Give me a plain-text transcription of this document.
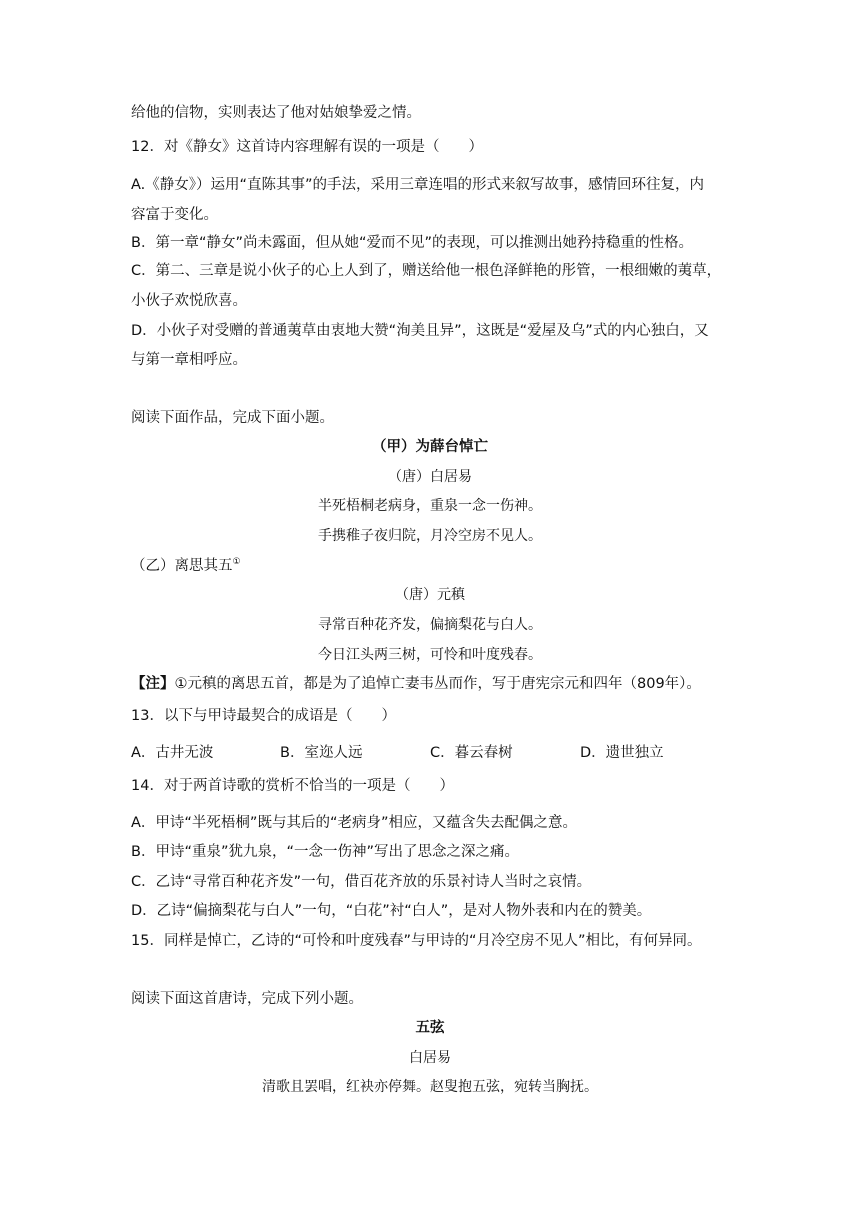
给他的信物，实则表达了他对姑娘挚爱之情。
12．对《静女》这首诗内容理解有误的一项是（　　）
A.《静女》）运用“直陈其事”的手法，采用三章连唱的形式来叙写故事，感情回环往复，内
容富于变化。
B．第一章“静女”尚未露面，但从她“爱而不见”的表现，可以推测出她矜持稳重的性格。
C．第二、三章是说小伙子的心上人到了，赠送给他一根色泽鲜艳的彤管，一根细嫩的荑草，
小伙子欢悦欣喜。
D．小伙子对受赠的普通荑草由衷地大赞“洵美且异”，这既是“爱屋及乌”式的内心独白，又
与第一章相呼应。
阅读下面作品，完成下面小题。
（甲）为薛台悼亡
（唐）白居易
半死梧桐老病身，重泉一念一伤神。
手携稚子夜归院，月冷空房不见人。
（乙）离思其五①
（唐）元稹
寻常百种花齐发，偏摘梨花与白人。
今日江头两三树，可怜和叶度残春。
【注】①元稹的离思五首，都是为了追悼亡妻韦丛而作，写于唐宪宗元和四年（809年）。
13．以下与甲诗最契合的成语是（　　）
A．古井无波	B．室迩人远	C．暮云春树	D．遗世独立
14．对于两首诗歌的赏析不恰当的一项是（　　）
A．甲诗“半死梧桐”既与其后的“老病身”相应，又蕴含失去配偶之意。
B．甲诗“重泉”犹九泉，“一念一伤神”写出了思念之深之痛。
C．乙诗“寻常百种花齐发”一句，借百花齐放的乐景衬诗人当时之哀情。
D．乙诗“偏摘梨花与白人”一句，“白花”衬“白人”，是对人物外表和内在的赞美。
15．同样是悼亡，乙诗的“可怜和叶度残春”与甲诗的“月冷空房不见人”相比，有何异同。
阅读下面这首唐诗，完成下列小题。
五弦
白居易
清歌且罢唱，红袂亦停舞。赵叟抱五弦，宛转当胸抚。
